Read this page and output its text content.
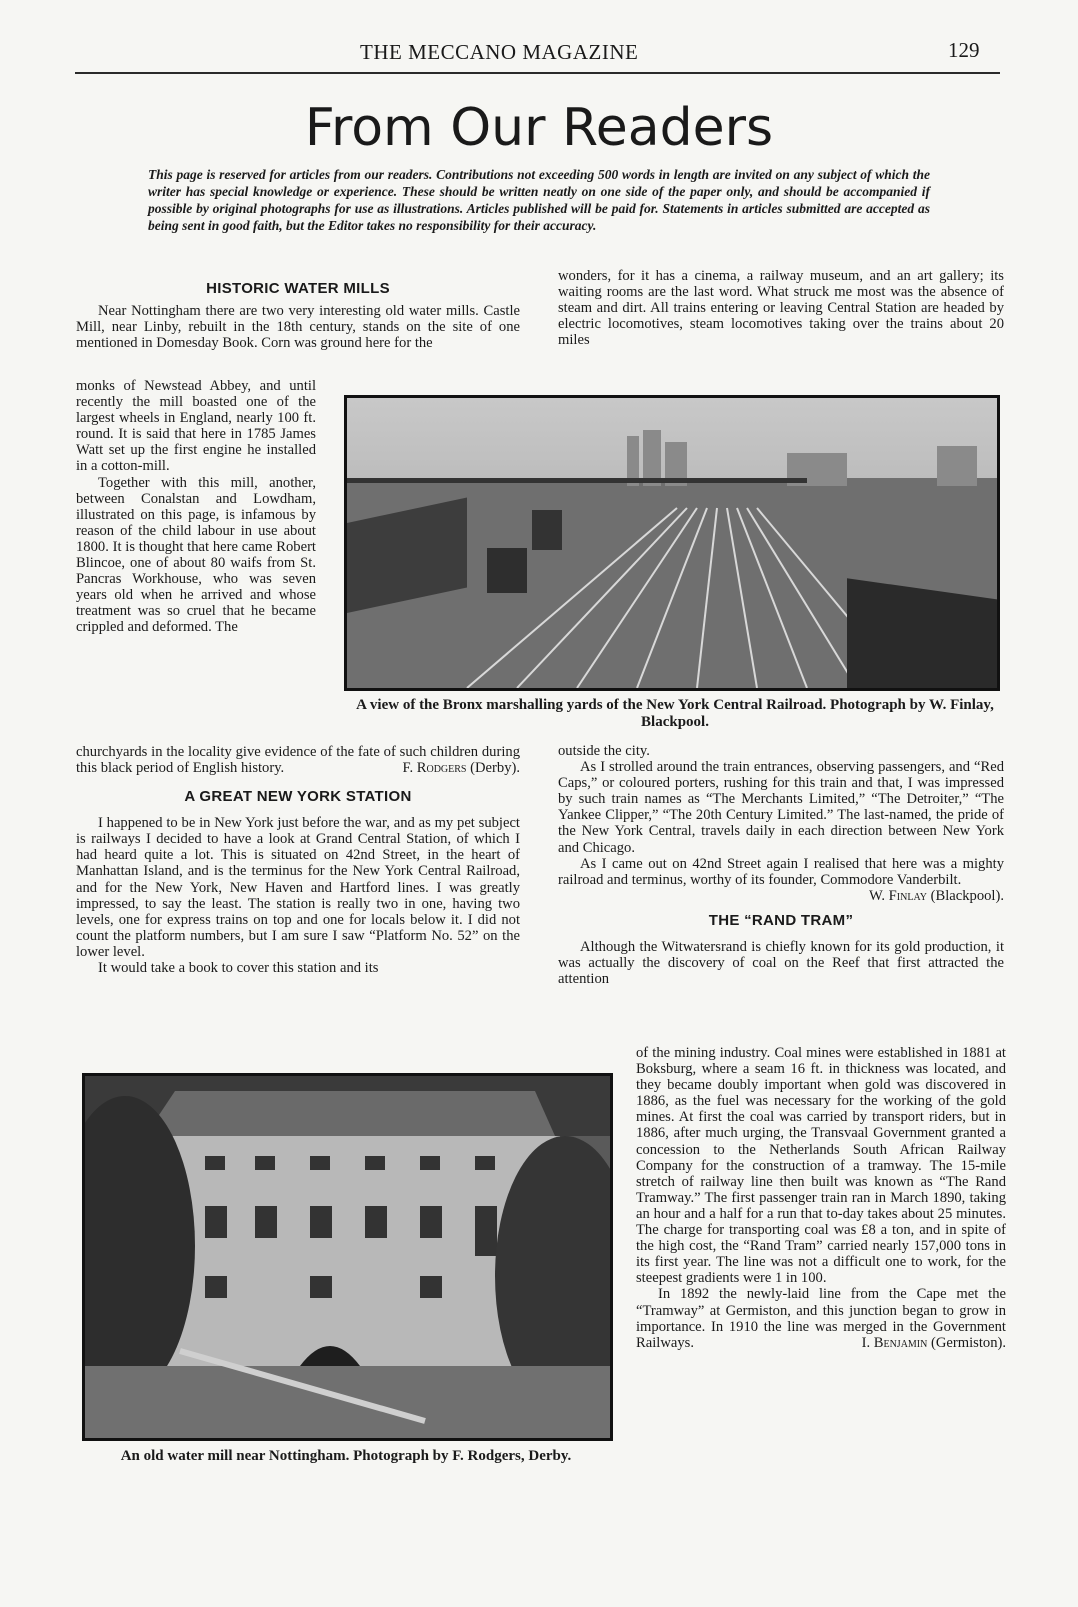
THE MECCANO MAGAZINE	129
From Our Readers
This page is reserved for articles from our readers. Contributions not exceeding 500 words in length are invited on any subject of which the writer has special knowledge or experience. These should be written neatly on one side of the paper only, and should be accompanied if possible by original photographs for use as illustrations. Articles published will be paid for. Statements in articles submitted are accepted as being sent in good faith, but the Editor takes no responsibility for their accuracy.

HISTORIC WATER MILLS

Near Nottingham there are two very interesting old water mills. Castle Mill, near Linby, rebuilt in the 18th century, stands on the site of one mentioned in Domesday Book. Corn was ground here for the

monks of Newstead Abbey, and until recently the mill boasted one of the largest wheels in England, nearly 100 ft. round. It is said that here in 1785 James Watt set up the first engine he installed in a cotton-mill.

Together with this mill, another, between Conalstan and Lowdham, illustrated on this page, is infamous by reason of the child labour in use about 1800. It is thought that here came Robert Blincoe, one of about 80 waifs from St. Pancras Workhouse, who was seven years old when he arrived and whose treatment was so cruel that he became crippled and deformed. The

churchyards in the locality give evidence of the fate of such children during this black period of English history.	F. Rodgers (Derby).

A GREAT NEW YORK STATION

I happened to be in New York just before the war, and as my pet subject is railways I decided to have a look at Grand Central Station, of which I had heard quite a lot. This is situated on 42nd Street, in the heart of Manhattan Island, and is the terminus for the New York Central Railroad, and for the New York, New Haven and Hartford lines. I was greatly impressed, to say the least. The station is really two in one, having two levels, one for express trains on top and one for locals below it. I did not count the platform numbers, but I am sure I saw “Platform No. 52” on the lower level.

It would take a book to cover this station and its

wonders, for it has a cinema, a railway museum, and an art gallery; its waiting rooms are the last word. What struck me most was the absence of steam and dirt. All trains entering or leaving Central Station are headed by electric locomotives, steam locomotives taking over the trains about 20 miles

A view of the Bronx marshalling yards of the New York Central Railroad. Photograph by W. Finlay, Blackpool.

outside the city.

As I strolled around the train entrances, observing passengers, and “Red Caps,” or coloured porters, rushing for this train and that, I was impressed by such train names as “The Merchants Limited,” “The Detroiter,” “The Yankee Clipper,” “The 20th Century Limited.” The last-named, the pride of the New York Central, travels daily in each direction between New York and Chicago.

As I came out on 42nd Street again I realised that here was a mighty railroad and terminus, worthy of its founder, Commodore Vanderbilt.

W. Finlay (Blackpool).

THE “RAND TRAM”

Although the Witwatersrand is chiefly known for its gold production, it was actually the discovery of coal on the Reef that first attracted the attention

of the mining industry. Coal mines were established in 1881 at Boksburg, where a seam 16 ft. in thickness was located, and they became doubly important when gold was discovered in 1886, as the fuel was necessary for the working of the gold mines. At first the coal was carried by transport riders, but in 1886, after much urging, the Transvaal Government granted a concession to the Netherlands South African Railway Company for the construction of a tramway. The 15-mile stretch of railway line then built was known as “The Rand Tramway.” The first passenger train ran in March 1890, taking an hour and a half for a run that to-day takes about 25 minutes. The charge for transporting coal was £8 a ton, and in spite of the high cost, the “Rand Tram” carried nearly 157,000 tons in its first year. The line was not a difficult one to work, for the steepest gradients were 1 in 100.

In 1892 the newly-laid line from the Cape met the “Tramway” at Germiston, and this junction began to grow in importance. In 1910 the line was merged in the Government Railways.	I. Benjamin (Germiston).

An old water mill near Nottingham. Photograph by F. Rodgers, Derby.
